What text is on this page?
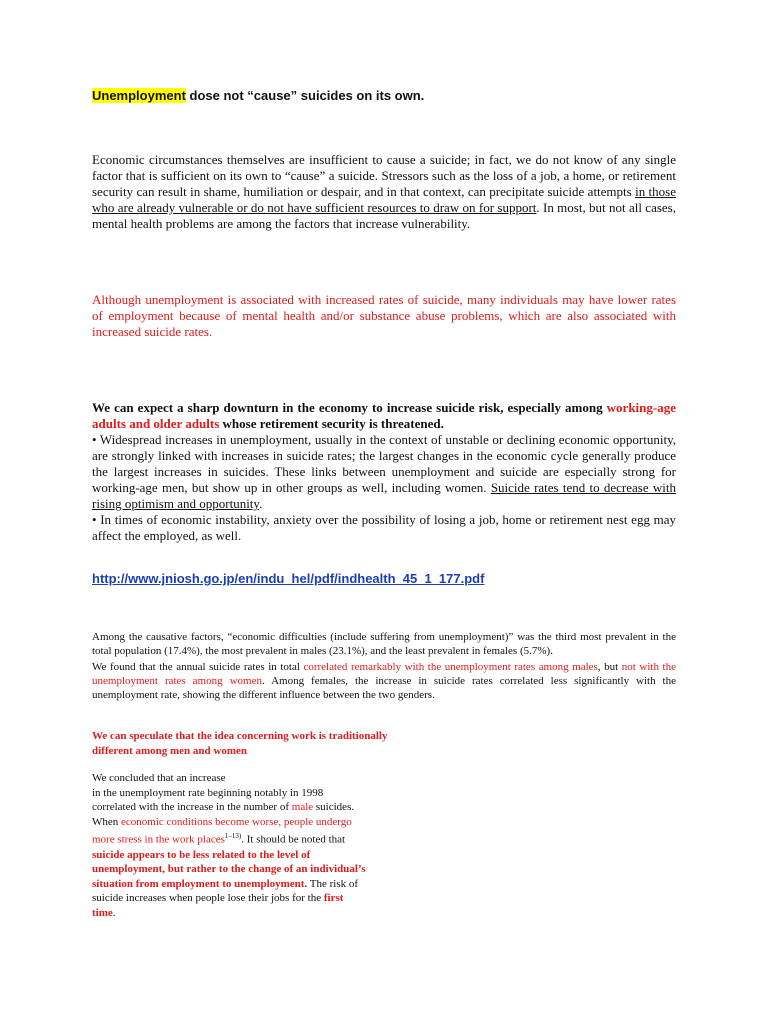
Unemployment dose not “cause” suicides on its own.

Economic circumstances themselves are insufficient to cause a suicide; in fact, we do not know of any single factor that is sufficient on its own to “cause” a suicide. Stressors such as the loss of a job, a home, or retirement security can result in shame, humiliation or despair, and in that context, can precipitate suicide attempts in those who are already vulnerable or do not have sufficient resources to draw on for support. In most, but not all cases, mental health problems are among the factors that increase vulnerability.

Although unemployment is associated with increased rates of suicide, many individuals may have lower rates of employment because of mental health and/or substance abuse problems, which are also associated with increased suicide rates.

We can expect a sharp downturn in the economy to increase suicide risk, especially among working-age adults and older adults whose retirement security is threatened.

• Widespread increases in unemployment, usually in the context of unstable or declining economic opportunity, are strongly linked with increases in suicide rates; the largest changes in the economic cycle generally produce the largest increases in suicides. These links between unemployment and suicide are especially strong for working-age men, but show up in other groups as well, including women. Suicide rates tend to decrease with rising optimism and opportunity.

• In times of economic instability, anxiety over the possibility of losing a job, home or retirement nest egg may affect the employed, as well.

http://www.jniosh.go.jp/en/indu_hel/pdf/indhealth_45_1_177.pdf

Among the causative factors, “economic difficulties (include suffering from unemployment)” was the third most prevalent in the total population (17.4%), the most prevalent in males (23.1%), and the least prevalent in females (5.7%).

We found that the annual suicide rates in total correlated remarkably with the unemployment rates among males, but not with the unemployment rates among women. Among females, the increase in suicide rates correlated less significantly with the unemployment rate, showing the different influence between the two genders.

We can speculate that the idea concerning work is traditionally
different among men and women
We concluded that an increase
in the unemployment rate beginning notably in 1998
correlated with the increase in the number of male suicides.
When economic conditions become worse, people undergo
more stress in the work places$^{1-13)}$. It should be noted that
suicide appears to be less related to the level of
unemployment, but rather to the change of an individual’s
situation from employment to unemployment. The risk of
suicide increases when people lose their jobs for the first
time.
